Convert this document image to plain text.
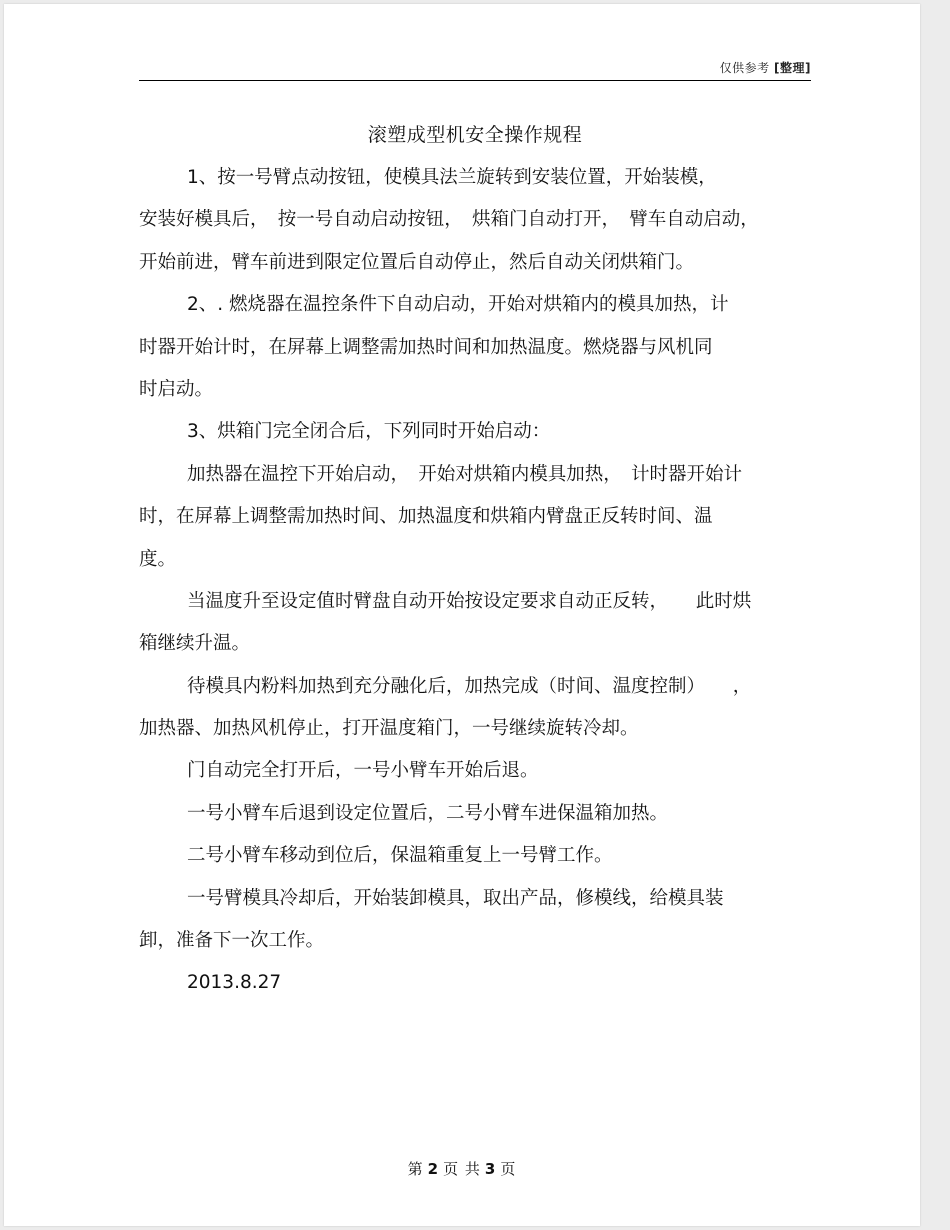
仅供参考 [整理]
滚塑成型机安全操作规程
1、按一号臂点动按钮，使模具法兰旋转到安装位置，开始装模，
安装好模具后，　按一号自动启动按钮，　烘箱门自动打开，　臂车自动启动，
开始前进，臂车前进到限定位置后自动停止，然后自动关闭烘箱门。
2、. 燃烧器在温控条件下自动启动，开始对烘箱内的模具加热，计
时器开始计时，在屏幕上调整需加热时间和加热温度。燃烧器与风机同
时启动。
3、烘箱门完全闭合后，下列同时开始启动：
加热器在温控下开始启动，　开始对烘箱内模具加热，　计时器开始计
时，在屏幕上调整需加热时间、加热温度和烘箱内臂盘正反转时间、温
度。
当温度升至设定值时臂盘自动开始按设定要求自动正反转，　　此时烘
箱继续升温。
待模具内粉料加热到充分融化后，加热完成（时间、温度控制）　　，
加热器、加热风机停止，打开温度箱门，一号继续旋转冷却。
门自动完全打开后，一号小臂车开始后退。
一号小臂车后退到设定位置后，二号小臂车进保温箱加热。
二号小臂车移动到位后，保温箱重复上一号臂工作。
一号臂模具冷却后，开始装卸模具，取出产品，修模线，给模具装
卸，准备下一次工作。
2013.8.27
第 2 页 共 3 页
